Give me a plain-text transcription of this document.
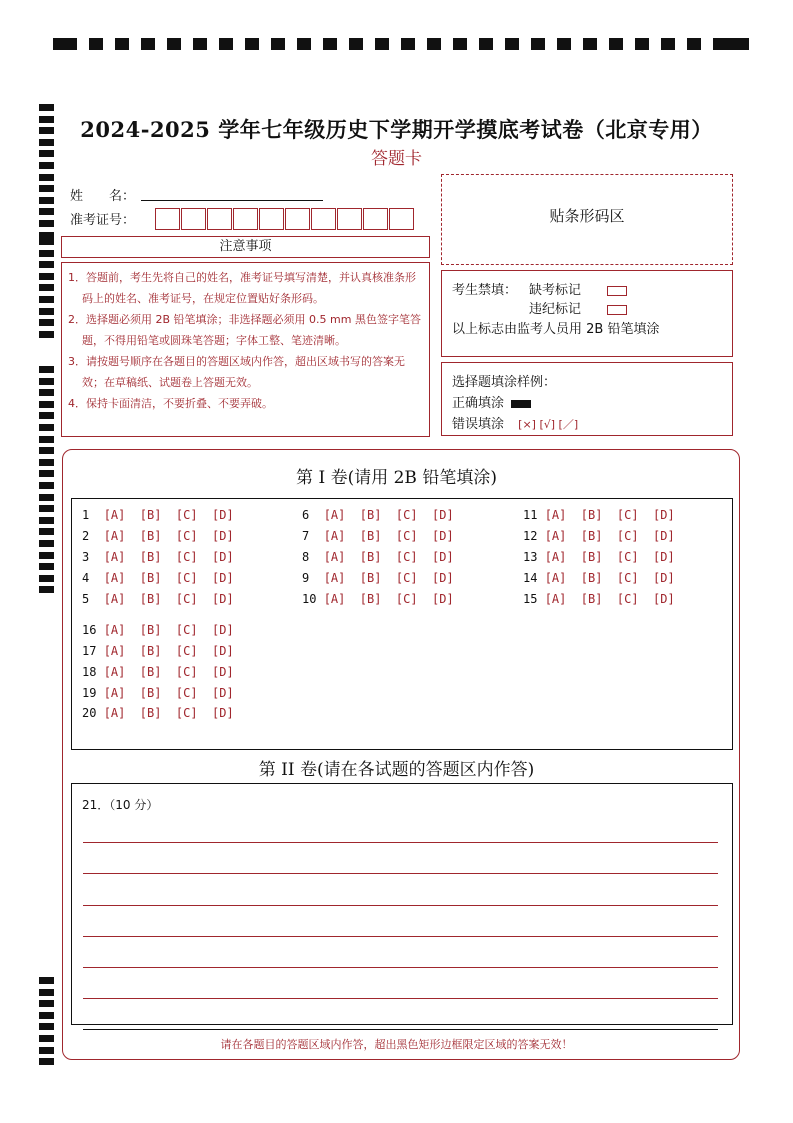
2024-2025 学年七年级历史下学期开学摸底考试卷（北京专用）
答题卡
姓　　名：
准考证号：	贴条形码区
注意事项
1．答题前，考生先将自己的姓名，准考证号填写清楚，并认真核准条形码上的姓名、准考证号，在规定位置贴好条形码。
2．选择题必须用 2B 铅笔填涂；非选择题必须用 0.5 mm 黑色签字笔答题，不得用铅笔或圆珠笔答题；字体工整、笔迹清晰。
3．请按题号顺序在各题目的答题区域内作答，超出区域书写的答案无效；在草稿纸、试题卷上答题无效。
4．保持卡面清洁，不要折叠、不要弄破。
考生禁填： 缺考标记
违纪标记
以上标志由监考人员用 2B 铅笔填涂
选择题填涂样例：
正确填涂
错误填涂 [×] [√] [／]
第 I 卷(请用 2B 铅笔填涂)
1  [A]  [B]  [C]  [D]
2  [A]  [B]  [C]  [D]
3  [A]  [B]  [C]  [D]
4  [A]  [B]  [C]  [D]
5  [A]  [B]  [C]  [D]
6  [A]  [B]  [C]  [D]
7  [A]  [B]  [C]  [D]
8  [A]  [B]  [C]  [D]
9  [A]  [B]  [C]  [D]
10 [A]  [B]  [C]  [D]
11 [A]  [B]  [C]  [D]
12 [A]  [B]  [C]  [D]
13 [A]  [B]  [C]  [D]
14 [A]  [B]  [C]  [D]
15 [A]  [B]  [C]  [D]
16 [A]  [B]  [C]  [D]
17 [A]  [B]  [C]  [D]
18 [A]  [B]  [C]  [D]
19 [A]  [B]  [C]  [D]
20 [A]  [B]  [C]  [D]
第 II 卷(请在各试题的答题区内作答)
21．（10 分）
请在各题目的答题区域内作答，超出黑色矩形边框限定区域的答案无效！
